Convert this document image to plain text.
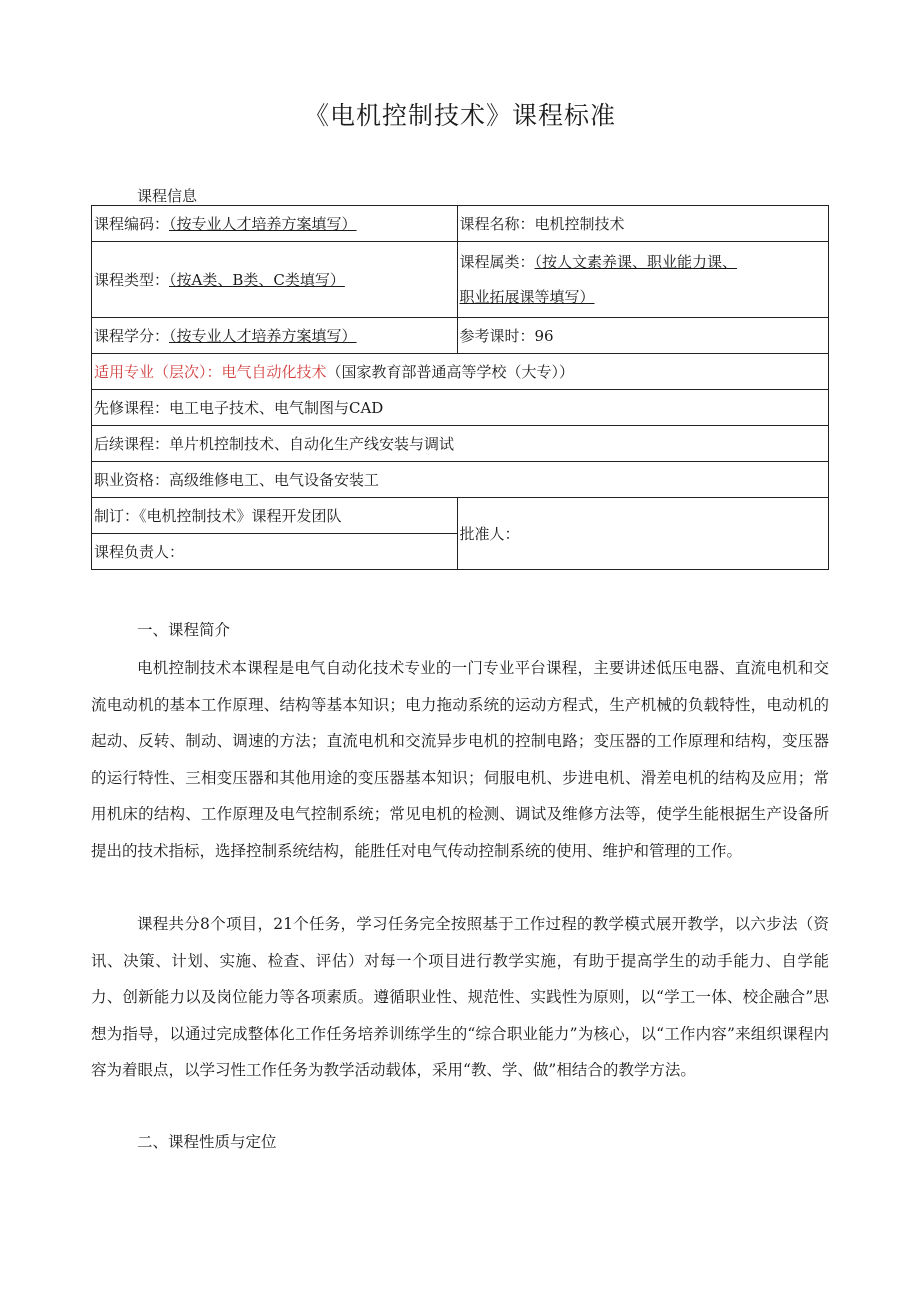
《电机控制技术》课程标准
课程信息
课程编码：（按专业人才培养方案填写）	课程名称：电机控制技术
课程类型：（按A类、B类、C类填写）	课程属类：（按人文素养课、职业能力课、
职业拓展课等填写）
课程学分：（按专业人才培养方案填写）	参考课时：96
适用专业（层次）：电气自动化技术（国家教育部普通高等学校（大专））	
先修课程：电工电子技术、电气制图与CAD	
后续课程：单片机控制技术、自动化生产线安装与调试	
职业资格：高级维修电工、电气设备安装工	
制订：《电机控制技术》课程开发团队	批准人：
课程负责人：	
一、课程简介

电机控制技术本课程是电气自动化技术专业的一门专业平台课程，主要讲述低压电器、直流电机和交流电动机的基本工作原理、结构等基本知识；电力拖动系统的运动方程式，生产机械的负载特性，电动机的起动、反转、制动、调速的方法；直流电机和交流异步电机的控制电路；变压器的工作原理和结构，变压器的运行特性、三相变压器和其他用途的变压器基本知识；伺服电机、步进电机、滑差电机的结构及应用；常用机床的结构、工作原理及电气控制系统；常见电机的检测、调试及维修方法等，使学生能根据生产设备所提出的技术指标，选择控制系统结构，能胜任对电气传动控制系统的使用、维护和管理的工作。

课程共分8个项目，21个任务，学习任务完全按照基于工作过程的教学模式展开教学，以六步法（资讯、决策、计划、实施、检查、评估）对每一个项目进行教学实施，有助于提高学生的动手能力、自学能力、创新能力以及岗位能力等各项素质。遵循职业性、规范性、实践性为原则，以“学工一体、校企融合”思想为指导，以通过完成整体化工作任务培养训练学生的“综合职业能力”为核心，以“工作内容”来组织课程内容为着眼点，以学习性工作任务为教学活动载体，采用“教、学、做”相结合的教学方法。

二、课程性质与定位
